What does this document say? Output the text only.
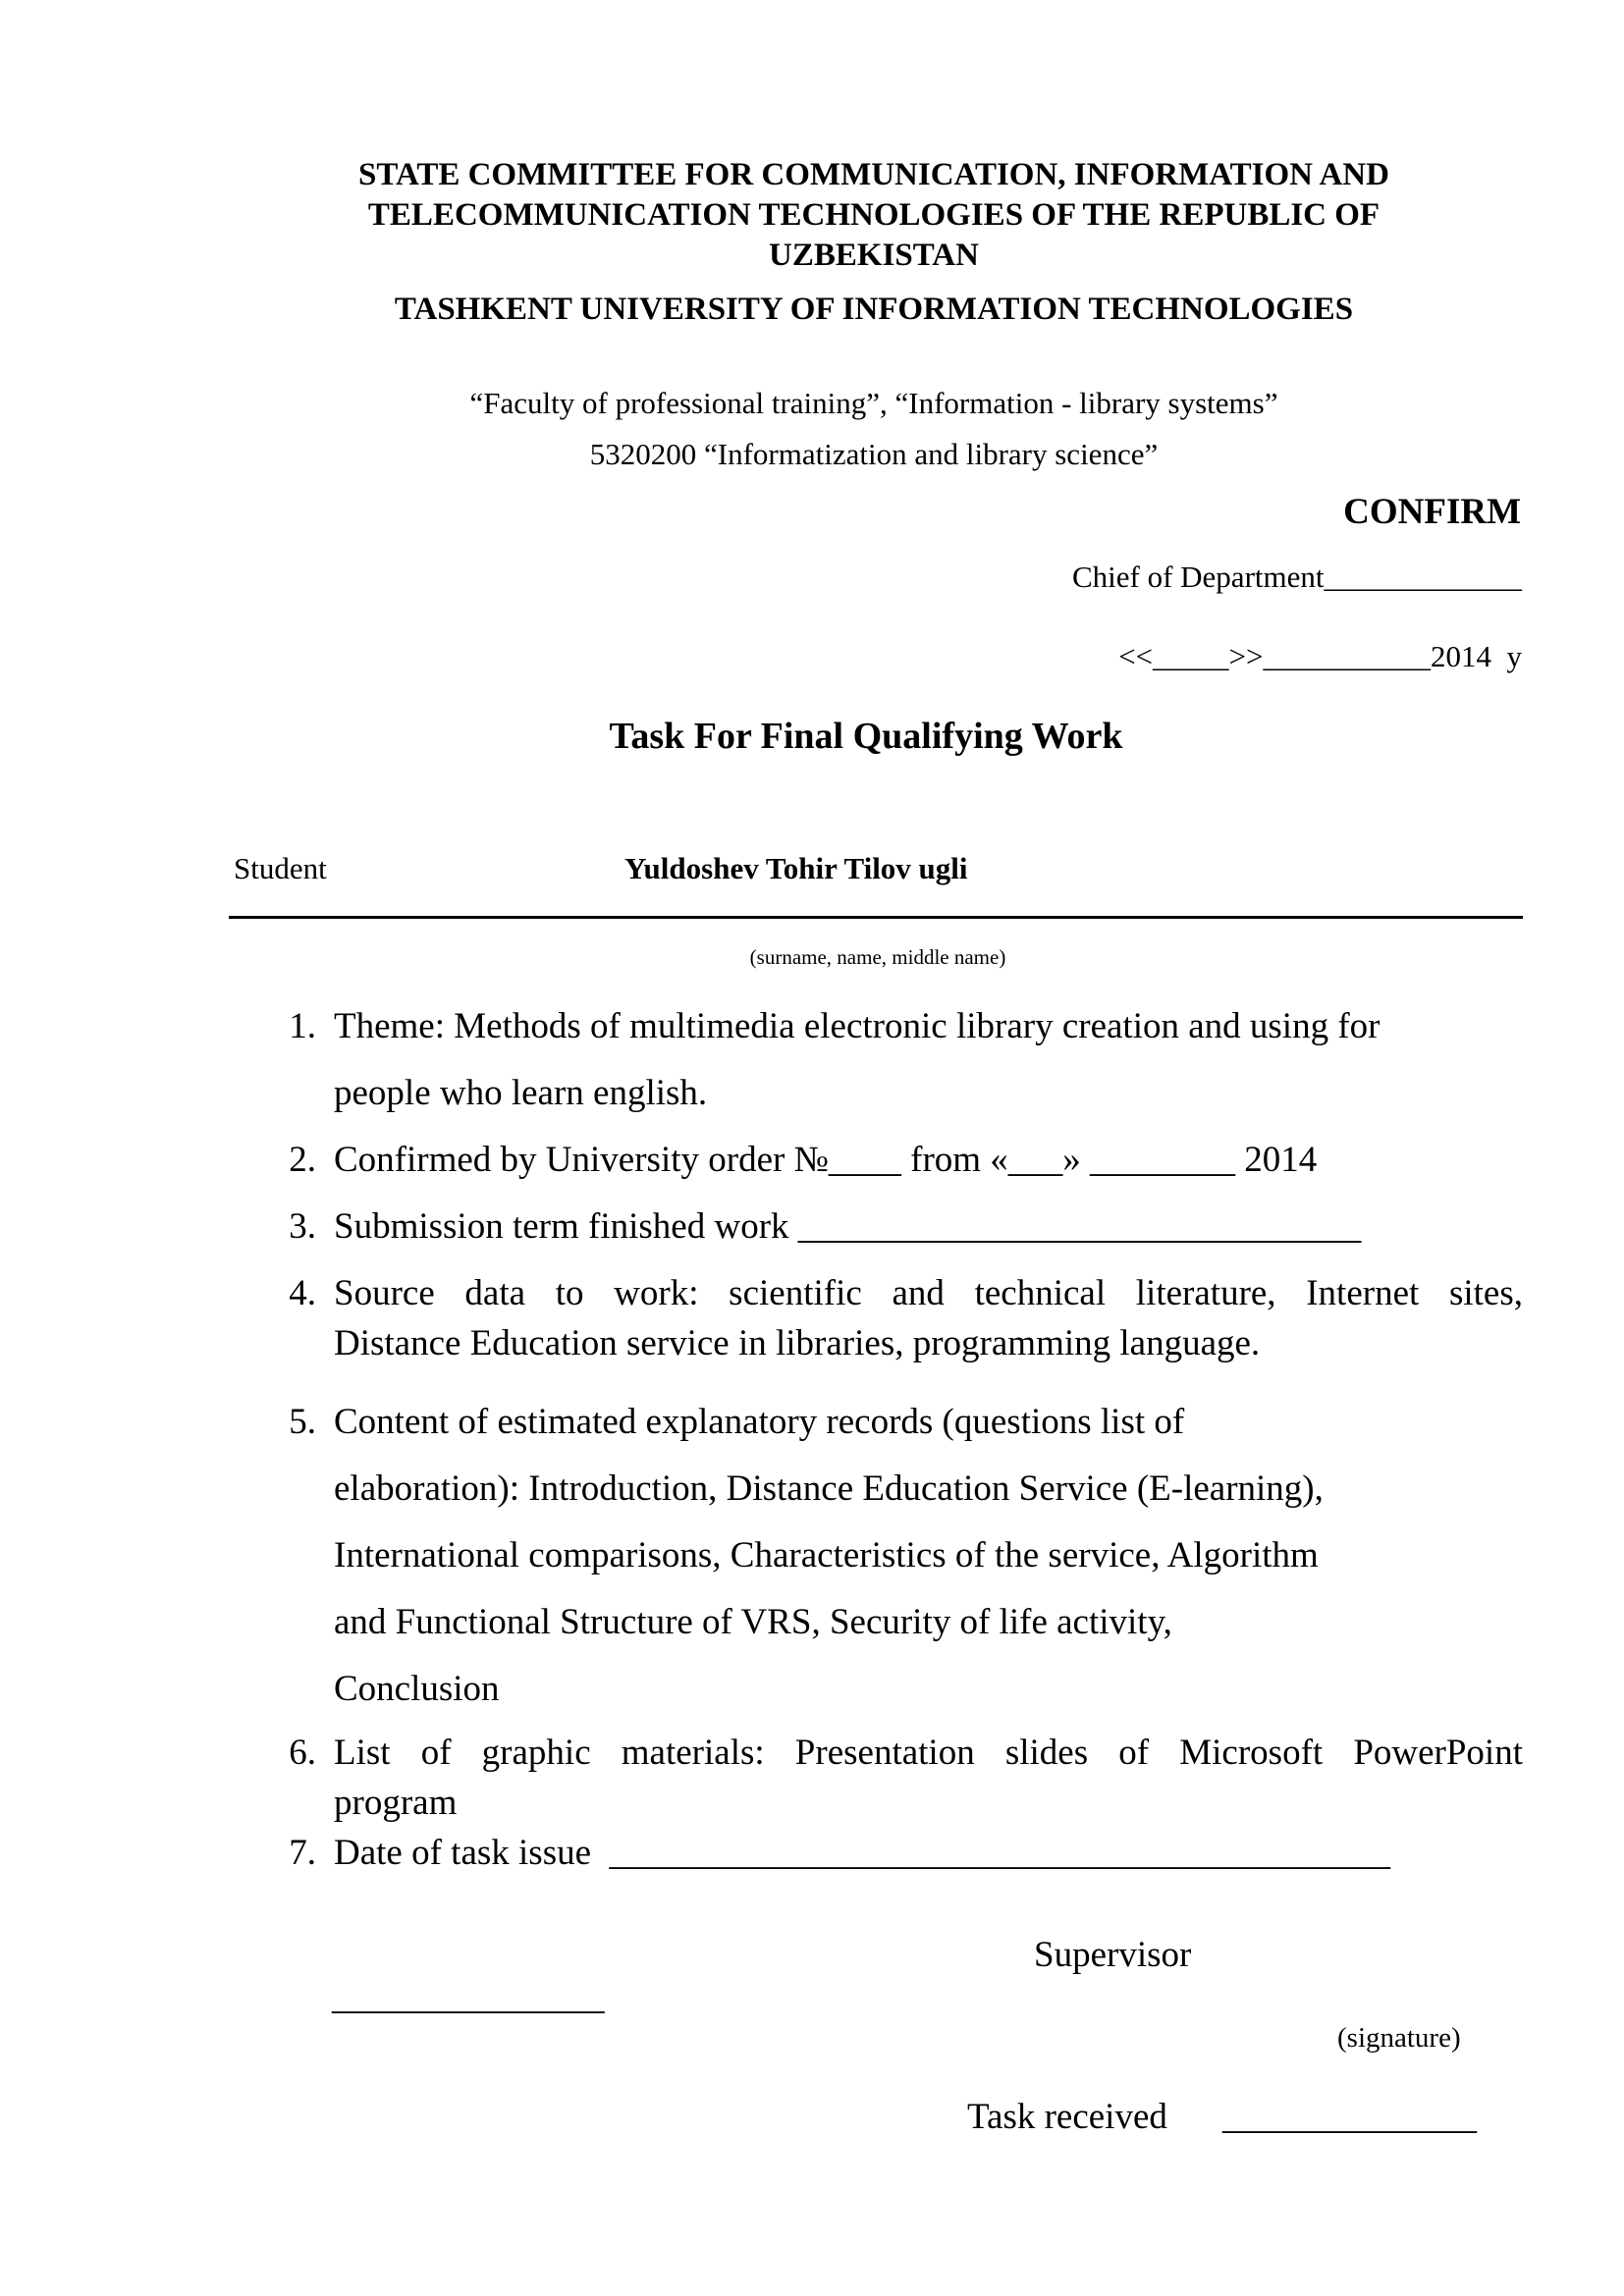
STATE COMMITTEE FOR COMMUNICATION, INFORMATION AND
TELECOMMUNICATION TECHNOLOGIES OF THE REPUBLIC OF
UZBEKISTAN
TASHKENT UNIVERSITY OF INFORMATION TECHNOLOGIES
“Faculty of professional training”, “Information - library systems”
5320200 “Informatization and library science”
CONFIRM
Chief of Department_____________
<<_____>>___________2014  y
Task For Final Qualifying Work
Student	Yuldoshev Tohir Tilov ugli
(surname, name, middle name)
1. Theme: Methods of multimedia electronic library creation and using for
people who learn english.
2. Confirmed by University order №____ from «___» ________ 2014
3. Submission term finished work _______________________________
4. Source data to work: scientific and technical literature, Internet sites,
Distance Education service in libraries, programming language.
5. Content of estimated explanatory records (questions list of
elaboration): Introduction, Distance Education Service (E-learning),
International comparisons, Characteristics of the service, Algorithm
and Functional Structure of VRS, Security of life activity,
Conclusion
6. List of graphic materials: Presentation slides of Microsoft PowerPoint
program
7. Date of task issue  ___________________________________________
Supervisor
_______________
(signature)
Task received ______________
